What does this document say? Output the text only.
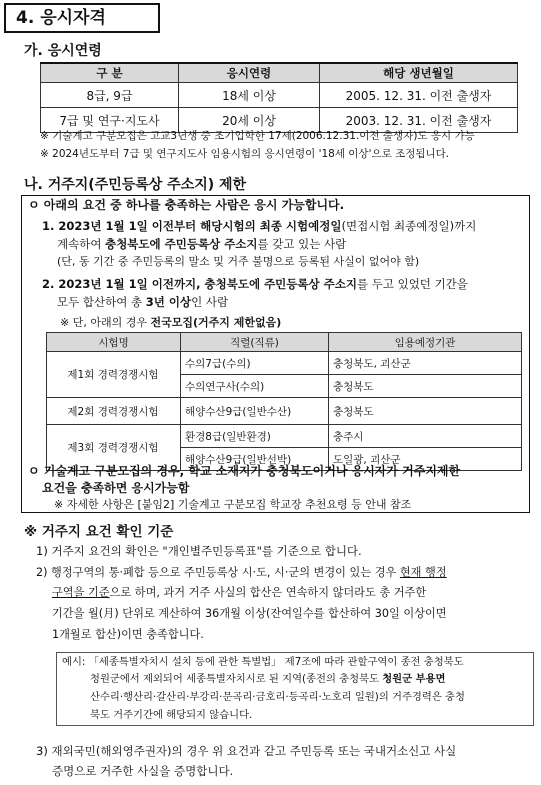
4. 응시자격
가. 응시연령
구 분	응시연령	해당 생년월일
8급, 9급	18세 이상	2005. 12. 31. 이전 출생자
7급 및 연구·지도사	20세 이상	2003. 12. 31. 이전 출생자
※ 기술계고 구분모집은 고교3년생 중 조기입학한 17세(2006.12.31.이전 출생자)도 응시 가능
※ 2024년도부터 7급 및 연구지도사 임용시험의 응시연령이 '18세 이상'으로 조정됩니다.
나. 거주지(주민등록상 주소지) 제한
ㅇ 아래의 요건 중 하나를 충족하는 사람은 응시 가능합니다.
1. 2023년 1월 1일 이전부터 해당시험의 최종 시험예정일(면접시험 최종예정일)까지
계속하여 충청북도에 주민등록상 주소지를 갖고 있는 사람
(단, 동 기간 중 주민등록의 말소 및 거주 불명으로 등록된 사실이 없어야 함)
2. 2023년 1월 1일 이전까지, 충청북도에 주민등록상 주소지를 두고 있었던 기간을
모두 합산하여 총 3년 이상인 사람
※ 단, 아래의 경우 전국모집(거주지 제한없음)
시험명	직렬(직류)	임용예정기관
제1회 경력경쟁시험	수의7급(수의)	충청북도, 괴산군
	수의연구사(수의)	충청북도
제2회 경력경쟁시험	해양수산9급(일반수산)	충청북도
제3회 경력경쟁시험	환경8급(일반환경)	충주시
	해양수산9급(일반선박)	도일광, 괴산군
ㅇ 기술계고 구분모집의 경우, 학교 소재지가 충청북도이거나 응시자가 거주지제한
요건을 충족하면 응시가능함
※ 자세한 사항은 [붙임2] 기술계고 구분모집 학교장 추천요령 등 안내 참조
※ 거주지 요건 확인 기준
1) 거주지 요건의 확인은 "개인별주민등록표"를 기준으로 합니다.
2) 행정구역의 통·폐합 등으로 주민등록상 시·도, 시·군의 변경이 있는 경우 현재 행정
구역을 기준으로 하며, 과거 거주 사실의 합산은 연속하지 않더라도 총 거주한
기간을 월(月) 단위로 계산하여 36개월 이상(잔여일수를 합산하여 30일 이상이면
1개월로 합산)이면 충족합니다.
예시: 「세종특별자치시 설치 등에 관한 특별법」 제7조에 따라 관할구역이 종전 충청북도
청원군에서 제외되어 세종특별자치시로 된 지역(종전의 충청북도 청원군 부용면
산수리·행산리·갈산리·부강리·문곡리·금호리·등곡리·노호리 일원)의 거주경력은 충청
북도 거주기간에 해당되지 않습니다.
3) 재외국민(해외영주권자)의 경우 위 요건과 같고 주민등록 또는 국내거소신고 사실
증명으로 거주한 사실을 증명합니다.
